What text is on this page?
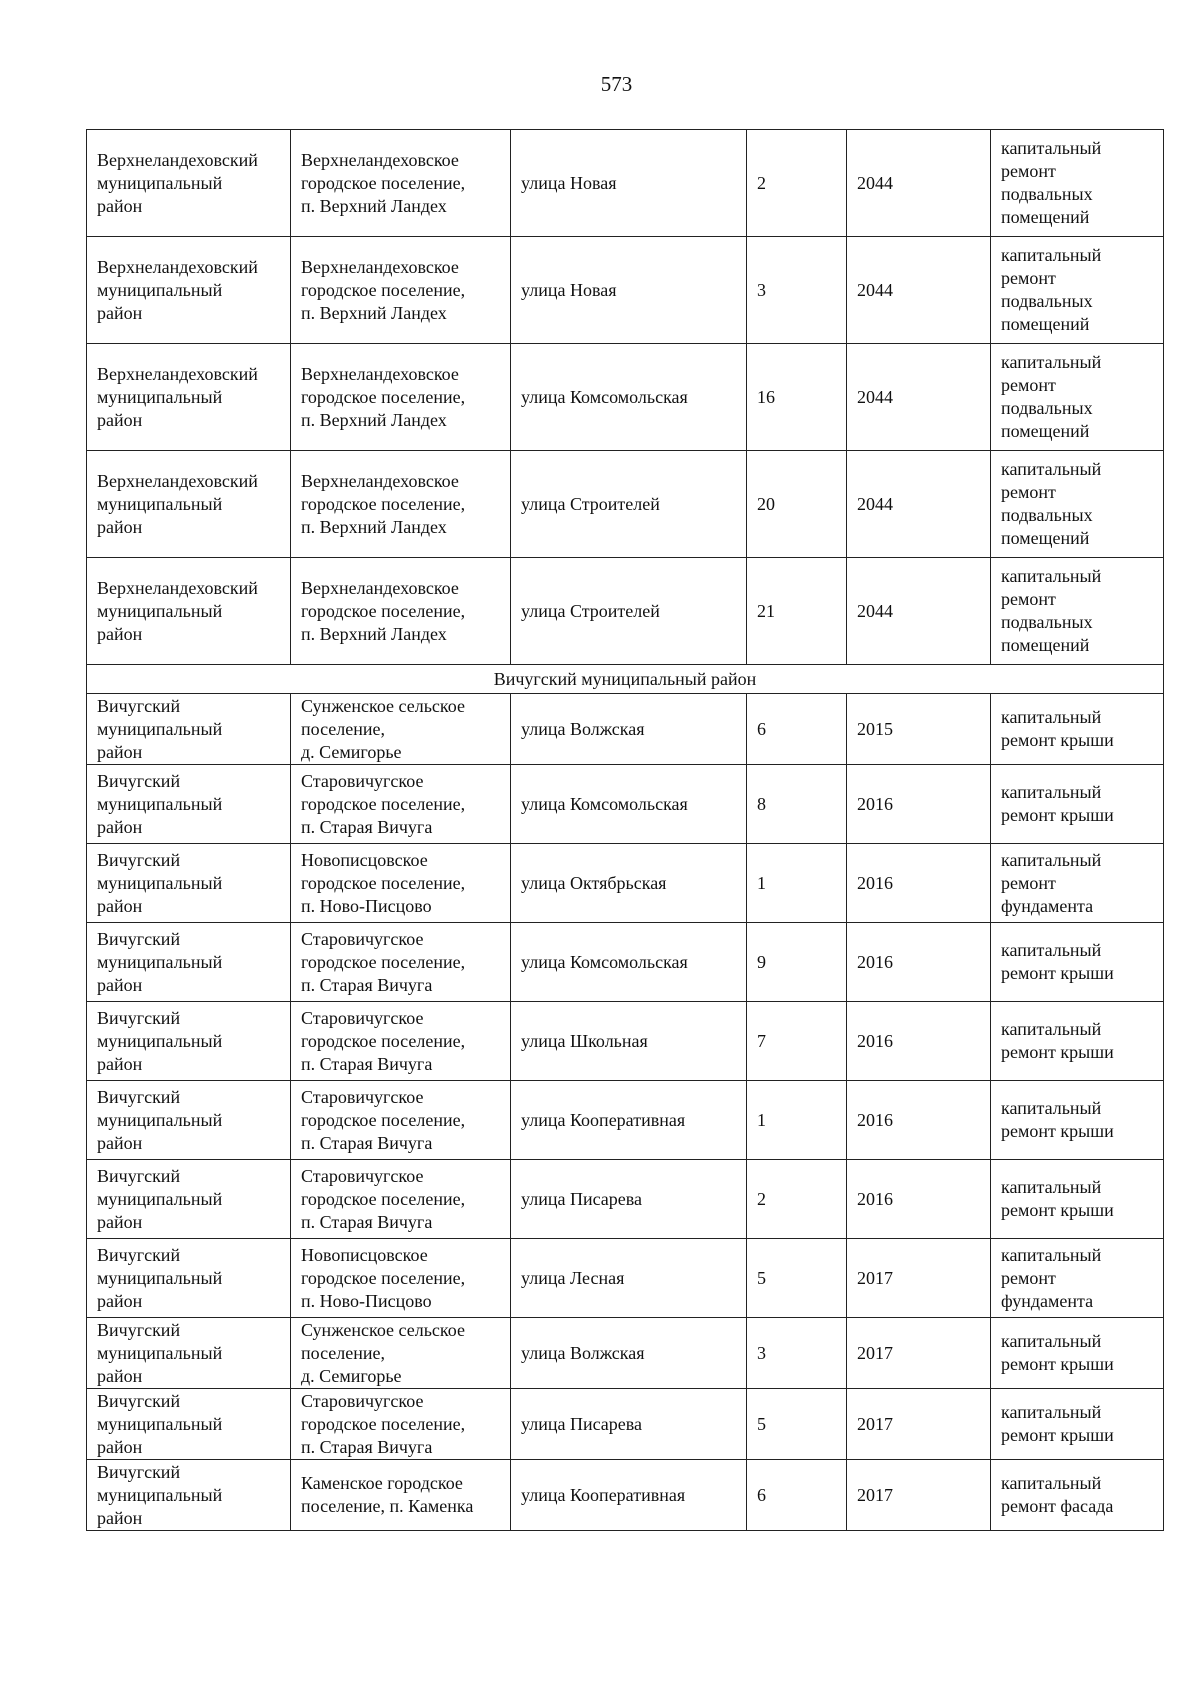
573
Верхнеландеховский
муниципальный
район	Верхнеландеховское
городское поселение,
п. Верхний Ландех	улица Новая	2	2044	капитальный
ремонт
подвальных
помещений

Верхнеландеховский
муниципальный
район	Верхнеландеховское
городское поселение,
п. Верхний Ландех	улица Новая	3	2044	капитальный
ремонт
подвальных
помещений

Верхнеландеховский
муниципальный
район	Верхнеландеховское
городское поселение,
п. Верхний Ландех	улица Комсомольская	16	2044	капитальный
ремонт
подвальных
помещений

Верхнеландеховский
муниципальный
район	Верхнеландеховское
городское поселение,
п. Верхний Ландех	улица Строителей	20	2044	капитальный
ремонт
подвальных
помещений

Верхнеландеховский
муниципальный
район	Верхнеландеховское
городское поселение,
п. Верхний Ландех	улица Строителей	21	2044	капитальный
ремонт
подвальных
помещений

Вичугский муниципальный район					

Вичугский
муниципальный
район	Сунженское сельское
поселение,
д. Семигорье	улица Волжская	6	2015	капитальный
ремонт крыши

Вичугский
муниципальный
район	Старовичугское
городское поселение,
п. Старая Вичуга	улица Комсомольская	8	2016	капитальный
ремонт крыши

Вичугский
муниципальный
район	Новописцовское
городское поселение,
п. Ново-Писцово	улица Октябрьская	1	2016	капитальный
ремонт
фундамента

Вичугский
муниципальный
район	Старовичугское
городское поселение,
п. Старая Вичуга	улица Комсомольская	9	2016	капитальный
ремонт крыши

Вичугский
муниципальный
район	Старовичугское
городское поселение,
п. Старая Вичуга	улица Школьная	7	2016	капитальный
ремонт крыши

Вичугский
муниципальный
район	Старовичугское
городское поселение,
п. Старая Вичуга	улица Кооперативная	1	2016	капитальный
ремонт крыши

Вичугский
муниципальный
район	Старовичугское
городское поселение,
п. Старая Вичуга	улица Писарева	2	2016	капитальный
ремонт крыши

Вичугский
муниципальный
район	Новописцовское
городское поселение,
п. Ново-Писцово	улица Лесная	5	2017	капитальный
ремонт
фундамента

Вичугский
муниципальный
район	Сунженское сельское
поселение,
д. Семигорье	улица Волжская	3	2017	капитальный
ремонт крыши

Вичугский
муниципальный
район	Старовичугское
городское поселение,
п. Старая Вичуга	улица Писарева	5	2017	капитальный
ремонт крыши

Вичугский
муниципальный
район	Каменское городское
поселение, п. Каменка	улица Кооперативная	6	2017	капитальный
ремонт фасада
